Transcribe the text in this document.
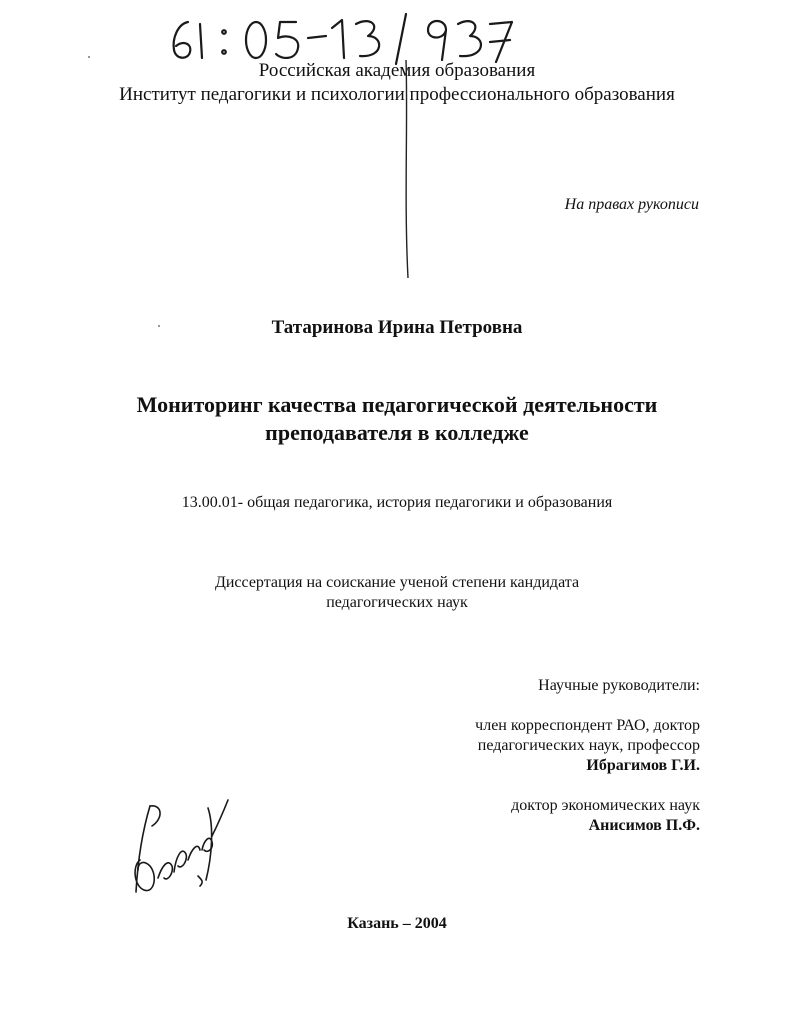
Российская академия образования
Институт педагогики и психологии профессионального образования
На правах рукописи
Татаринова Ирина Петровна
Мониторинг качества педагогической деятельности
преподавателя в колледже
13.00.01- общая педагогика, история педагогики и образования
Диссертация на соискание ученой степени кандидата
педагогических наук
Научные руководители:
член корреспондент РАО, доктор
педагогических наук, профессор
Ибрагимов Г.И.
доктор экономических наук
Анисимов П.Ф.
Казань – 2004
